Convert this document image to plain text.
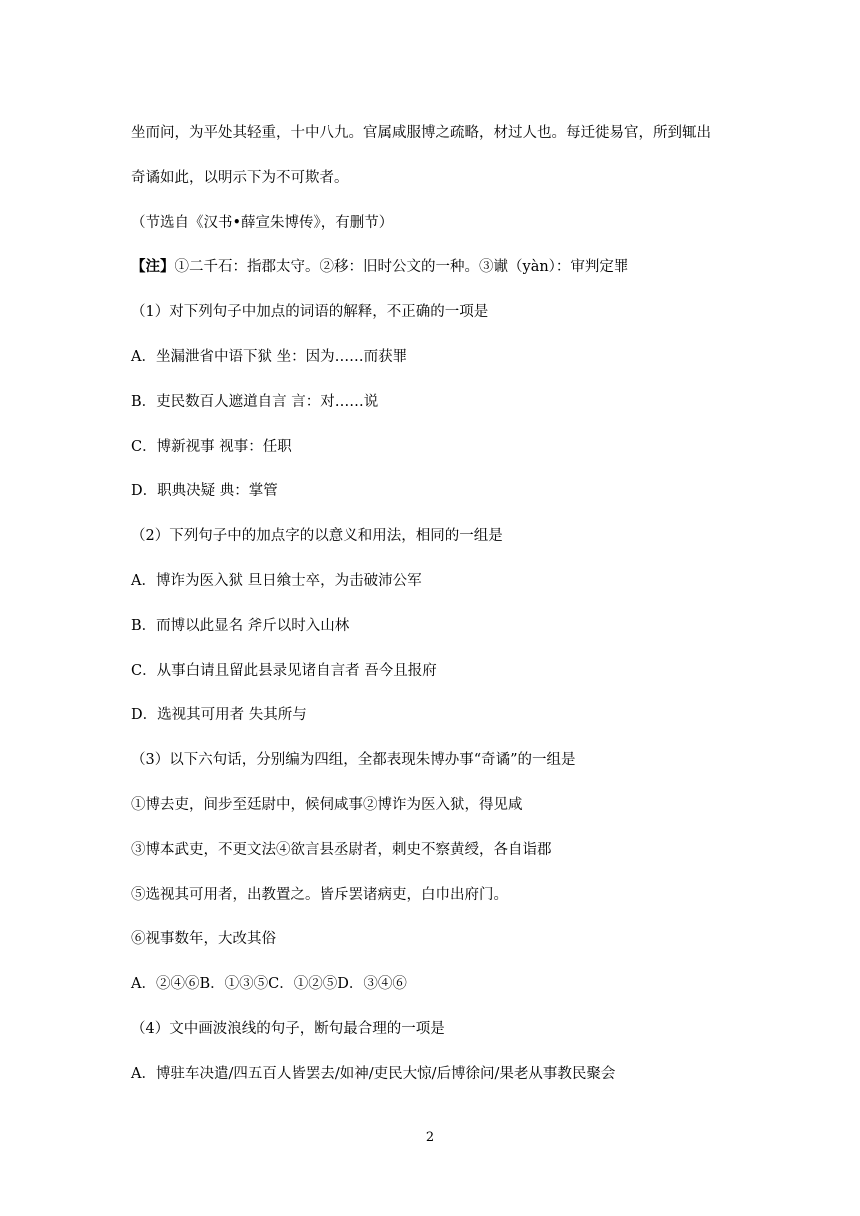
坐而问，为平处其轻重，十中八九。官属咸服博之疏略，材过人也。每迁徙易官，所到辄出

奇谲如此，以明示下为不可欺者。

（节选自《汉书•薛宣朱博传》，有删节）

【注】①二千石：指郡太守。②移：旧时公文的一种。③谳（yàn）：审判定罪

（1）对下列句子中加点的词语的解释，不正确的一项是

A．坐漏泄省中语下狱 坐：因为……而获罪

B．吏民数百人遮道自言 言：对……说

C．博新视事 视事：任职

D．职典决疑 典：掌管

（2）下列句子中的加点字的以意义和用法，相同的一组是

A．博诈为医入狱 旦日飨士卒，为击破沛公军

B．而博以此显名 斧斤以时入山林

C．从事白请且留此县录见诸自言者 吾今且报府

D．选视其可用者 失其所与

（3）以下六句话，分别编为四组，全都表现朱博办事“奇谲”的一组是

①博去吏，间步至廷尉中，候伺咸事②博诈为医入狱，得见咸

③博本武吏，不更文法④欲言县丞尉者，刺史不察黄绶，各自诣郡

⑤选视其可用者，出教置之。皆斥罢诸病吏，白巾出府门。

⑥视事数年，大改其俗

A．②④⑥B．①③⑤C．①②⑤D．③④⑥

（4）文中画波浪线的句子，断句最合理的一项是

A．博驻车决遣/四五百人皆罢去/如神/吏民大惊/后博徐问/果老从事教民聚会

2
